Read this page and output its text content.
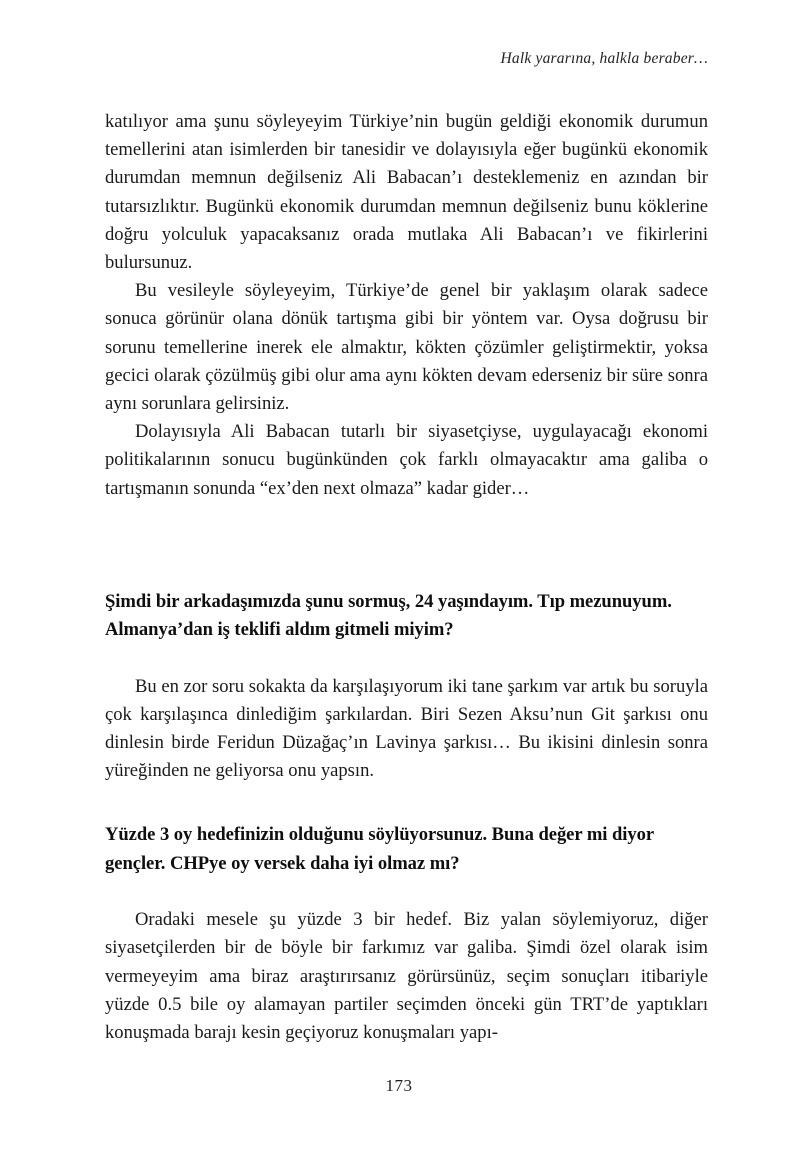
Halk yararına, halkla beraber…

katılıyor ama şunu söyleyeyim Türkiye’nin bugün geldiği ekonomik durumun temellerini atan isimlerden bir tanesidir ve dolayısıyla eğer bugünkü ekonomik durumdan memnun değilseniz Ali Babacan’ı desteklemeniz en azından bir tutarsızlıktır. Bugünkü ekonomik durumdan memnun değilseniz bunu köklerine doğru yolculuk yapacaksanız orada mutlaka Ali Babacan’ı ve fikirlerini bulursunuz.

Bu vesileyle söyleyeyim, Türkiye’de genel bir yaklaşım olarak sadece sonuca görünür olana dönük tartışma gibi bir yöntem var. Oysa doğrusu bir sorunu temellerine inerek ele almaktır, kökten çözümler geliştirmektir, yoksa gecici olarak çözülmüş gibi olur ama aynı kökten devam ederseniz bir süre sonra aynı sorunlara gelirsiniz.

Dolayısıyla Ali Babacan tutarlı bir siyasetçiyse, uygulayacağı ekonomi politikalarının sonucu bugünkünden çok farklı olmayacaktır ama galiba o tartışmanın sonunda “ex’den next olmaza” kadar gider…

Şimdi bir arkadaşımızda şunu sormuş, 24 yaşındayım. Tıp mezunuyum. Almanya’dan iş teklifi aldım gitmeli miyim?

Bu en zor soru sokakta da karşılaşıyorum iki tane şarkım var artık bu soruyla çok karşılaşınca dinlediğim şarkılardan. Biri Sezen Aksu’nun Git şarkısı onu dinlesin birde Feridun Düzağaç’ın Lavinya şarkısı… Bu ikisini dinlesin sonra yüreğinden ne geliyorsa onu yapsın.

Yüzde 3 oy hedefinizin olduğunu söylüyorsunuz. Buna değer mi diyor gençler. CHPye oy versek daha iyi olmaz mı?

Oradaki mesele şu yüzde 3 bir hedef. Biz yalan söylemiyoruz, diğer siyasetçilerden bir de böyle bir farkımız var galiba. Şimdi özel olarak isim vermeyeyim ama biraz araştırırsanız görürsünüz, seçim sonuçları itibariyle yüzde 0.5 bile oy alamayan partiler seçimden önceki gün TRT’de yaptıkları konuşmada barajı kesin geçiyoruz konuşmaları yapı-

173
